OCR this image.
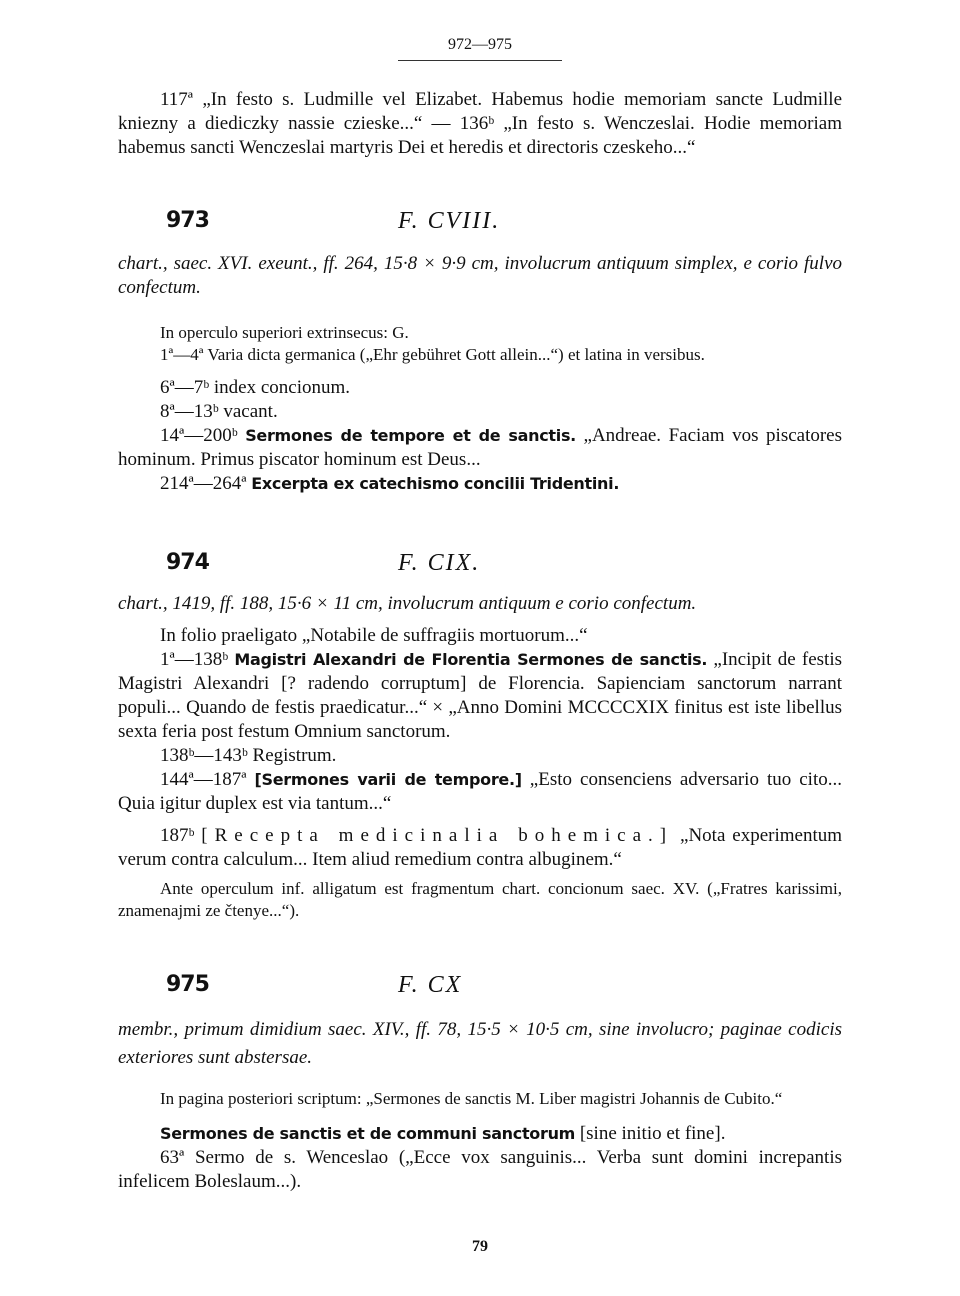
972—975

117ª „In festo s. Ludmille vel Elizabet. Habemus hodie memoriam sancte Ludmille kniezny a diediczky nassie czieske...“ — 136ᵇ „In festo s. Wenczeslai. Hodie memoriam habemus sancti Wenczeslai martyris Dei et heredis et directoris czeskeho...“

973	F. CVIII.

chart., saec. XVI. exeunt., ff. 264, 15·8 × 9·9 cm, involucrum antiquum simplex, e corio fulvo confectum.

In operculo superiori extrinsecus: G.

1ª—4ª Varia dicta germanica („Ehr gebühret Gott allein...“) et latina in versibus.

6ª—7ᵇ index concionum.

8ª—13ᵇ vacant.

14ª—200ᵇ Sermones de tempore et de sanctis. „Andreae. Faciam vos piscatores hominum. Primus piscator hominum est Deus...

214ª—264ª Excerpta ex catechismo concilii Tridentini.

974	F. CIX.

chart., 1419, ff. 188, 15·6 × 11 cm, involucrum antiquum e corio confectum.

In folio praeligato „Notabile de suffragiis mortuorum...“

1ª—138ᵇ Magistri Alexandri de Florentia Sermones de sanctis. „Incipit de festis Magistri Alexandri [? radendo corruptum] de Florencia. Sapienciam sanctorum narrant populi... Quando de festis praedicatur...“ × „Anno Domini MCCCCXIX finitus est iste libellus sexta feria post festum Omnium sanctorum.

138ᵇ—143ᵇ Registrum.

144ª—187ª [Sermones varii de tempore.] „Esto consenciens adversario tuo cito... Quia igitur duplex est via tantum...“

187ᵇ [Recepta medicinalia bohemica.] „Nota experimentum verum contra calculum... Item aliud remedium contra albuginem.“

Ante operculum inf. alligatum est fragmentum chart. concionum saec. XV. („Fratres karissimi, znamenajmi ze čtenye...“).

975	F. CX

membr., primum dimidium saec. XIV., ff. 78, 15·5 × 10·5 cm, sine involucro; paginae codicis exteriores sunt abstersae.

In pagina posteriori scriptum: „Sermones de sanctis M. Liber magistri Johannis de Cubito.“

Sermones de sanctis et de communi sanctorum [sine initio et fine].

63ª Sermo de s. Wenceslao („Ecce vox sanguinis... Verba sunt domini increpantis infelicem Boleslaum...).

79
